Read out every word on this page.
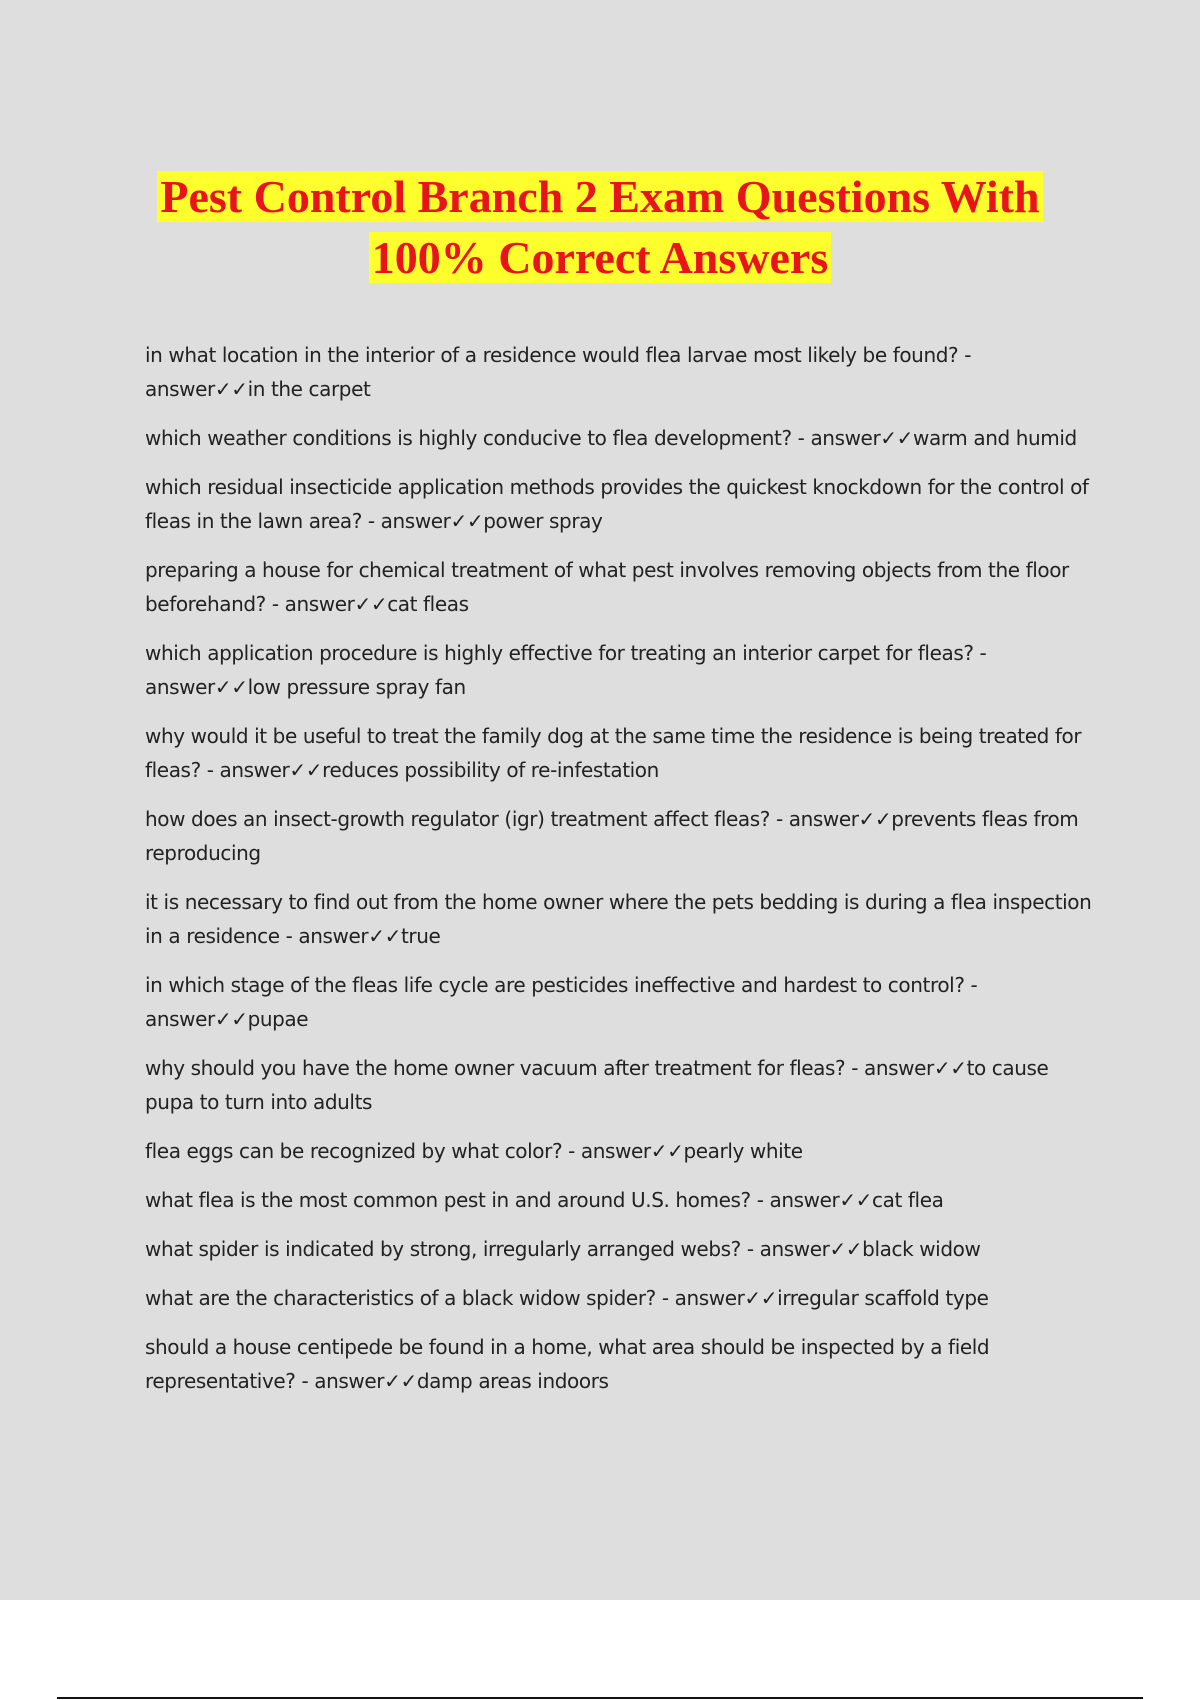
Pest Control Branch 2 Exam Questions With
100% Correct Answers

in what location in the interior of a residence would flea larvae most likely be found? - answer✓✓in the carpet

which weather conditions is highly conducive to flea development? - answer✓✓warm and humid

which residual insecticide application methods provides the quickest knockdown for the control of fleas in the lawn area? - answer✓✓power spray

preparing a house for chemical treatment of what pest involves removing objects from the floor beforehand? - answer✓✓cat fleas

which application procedure is highly effective for treating an interior carpet for fleas? - answer✓✓low pressure spray fan

why would it be useful to treat the family dog at the same time the residence is being treated for fleas? - answer✓✓reduces possibility of re-infestation

how does an insect-growth regulator (igr) treatment affect fleas? - answer✓✓prevents fleas from reproducing

it is necessary to find out from the home owner where the pets bedding is during a flea inspection in a residence - answer✓✓true

in which stage of the fleas life cycle are pesticides ineffective and hardest to control? - answer✓✓pupae

why should you have the home owner vacuum after treatment for fleas? - answer✓✓to cause pupa to turn into adults

flea eggs can be recognized by what color? - answer✓✓pearly white

what flea is the most common pest in and around U.S. homes? - answer✓✓cat flea

what spider is indicated by strong, irregularly arranged webs? - answer✓✓black widow

what are the characteristics of a black widow spider? - answer✓✓irregular scaffold type

should a house centipede be found in a home, what area should be inspected by a field representative? - answer✓✓damp areas indoors
